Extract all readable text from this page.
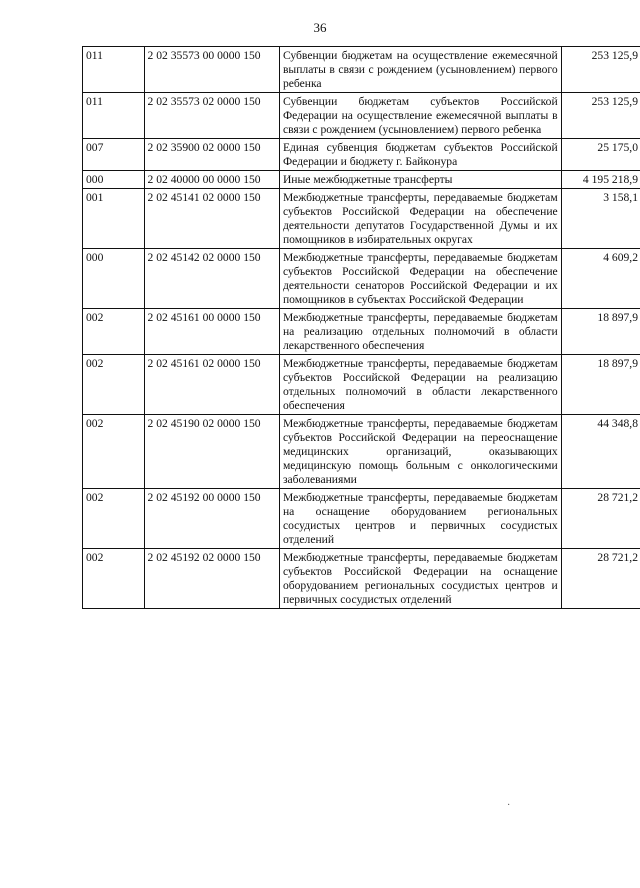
36
011	2 02 35573 00 0000 150	Субвенции бюджетам на осуществление ежемесячной выплаты в связи с рождением (усыновлением) первого ребенка	253 125,9
011	2 02 35573 02 0000 150	Субвенции бюджетам субъектов Российской Федерации на осуществление ежемесячной выплаты в связи с рождением (усыновлением) первого ребенка	253 125,9
007	2 02 35900 02 0000 150	Единая субвенция бюджетам субъектов Российской Федерации и бюджету г. Байконура	25 175,0
000	2 02 40000 00 0000 150	Иные межбюджетные трансферты	4 195 218,9
001	2 02 45141 02 0000 150	Межбюджетные трансферты, передаваемые бюджетам субъектов Российской Федерации на обеспечение деятельности депутатов Государственной Думы и их помощников в избирательных округах	3 158,1
000	2 02 45142 02 0000 150	Межбюджетные трансферты, передаваемые бюджетам субъектов Российской Федерации на обеспечение деятельности сенаторов Российской Федерации и их помощников в субъектах Российской Федерации	4 609,2
002	2 02 45161 00 0000 150	Межбюджетные трансферты, передаваемые бюджетам на реализацию отдельных полномочий в области лекарственного обеспечения	18 897,9
002	2 02 45161 02 0000 150	Межбюджетные трансферты, передаваемые бюджетам субъектов Российской Федерации на реализацию отдельных полномочий в области лекарственного обеспечения	18 897,9
002	2 02 45190 02 0000 150	Межбюджетные трансферты, передаваемые бюджетам субъектов Российской Федерации на переоснащение медицинских организаций, оказывающих медицинскую помощь больным с онкологическими заболеваниями	44 348,8
002	2 02 45192 00 0000 150	Межбюджетные трансферты, передаваемые бюджетам на оснащение оборудованием региональных сосудистых центров и первичных сосудистых отделений	28 721,2
002	2 02 45192 02 0000 150	Межбюджетные трансферты, передаваемые бюджетам субъектов Российской Федерации на оснащение оборудованием региональных сосудистых центров и первичных сосудистых отделений	28 721,2
·
